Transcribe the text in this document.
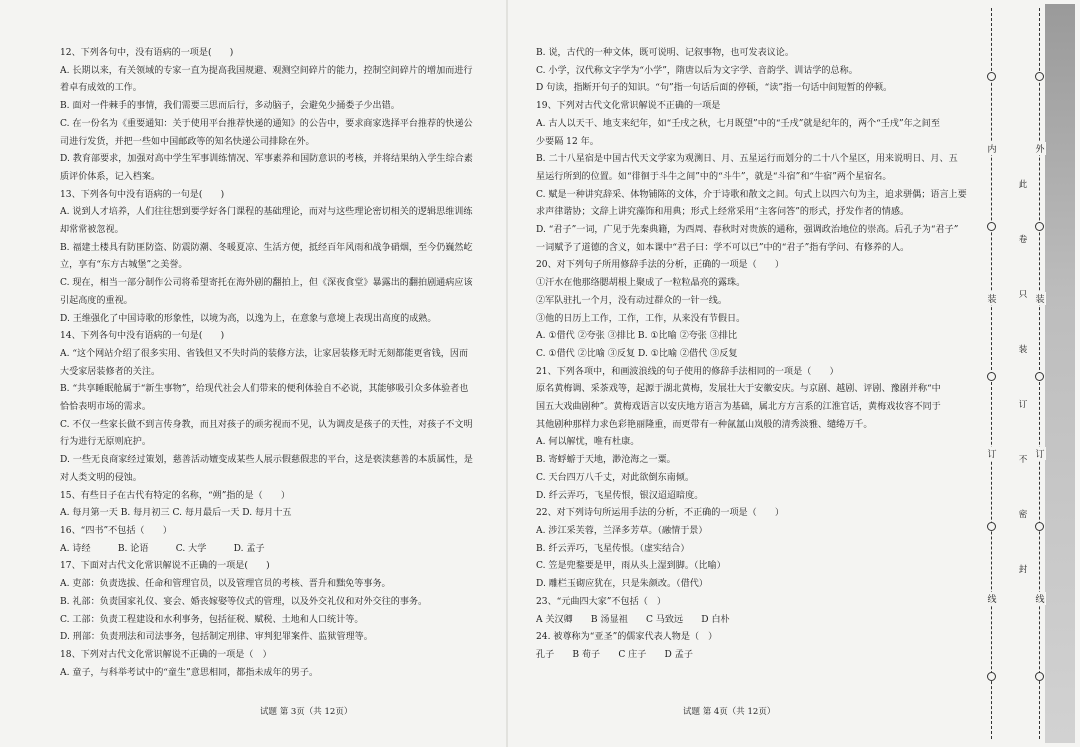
12、下列各句中，没有语病的一项是(　　)
A. 长期以来，有关领域的专家一直为提高我国规避、观测空间碎片的能力，控制空间碎片的增加而进行
着卓有成效的工作。
B. 面对一件棘手的事情，我们需要三思而后行，多动脑子，会避免少捅娄子少出错。
C. 在一份名为《重要通知：关于使用平台推荐快递的通知》的公告中，要求商家选择平台推荐的快递公
司进行发货，并把一些如中国邮政等的知名快递公司排除在外。
D. 教育部要求，加强对高中学生军事训练情况、军事素养和国防意识的考核，并将结果纳入学生综合素
质评价体系，记入档案。
13、下列各句中没有语病的一句是(　　)
A. 说到人才培养，人们往往想到要学好各门课程的基础理论，而对与这些理论密切相关的逻辑思维训练
却常常被忽视。
B. 福建土楼具有防匪防盗、防震防潮、冬暖夏凉、生活方便，抵经百年风雨和战争硝烟，至今仍巍然屹
立，享有“东方古城堡”之美誉。
C. 现在，相当一部分制作公司将希望寄托在海外剧的翻拍上，但《深夜食堂》暴露出的翻拍剧通病应该
引起高度的重视。
D. 王维强化了中国诗歌的形象性，以境为高，以逸为上，在意象与意境上表现出高度的成熟。
14、下列各句中没有语病的一句是(　　)
A. “这个网站介绍了很多实用、省钱但又不失时尚的装修方法，让家居装修无时无刻都能更省钱，因而
大受家居装修者的关注。
B. “共享睡眠舱属于“新生事物”，给现代社会人们带来的便利体验自不必说，其能够吸引众多体验者也
恰恰表明市场的需求。
C. 不仅一些家长做不到言传身教，而且对孩子的顽劣视而不见，认为调皮是孩子的天性，对孩子不文明
行为进行无原则庇护。
D. 一些无良商家经过策划，慈善活动嬗变成某些人展示假慈假悲的平台，这是亵渎慈善的本质属性，是
对人类文明的侵蚀。
15、有些日子在古代有特定的名称，“朔”指的是（　　）
A. 每月第一天 B. 每月初三 C. 每月最后一天 D. 每月十五
16、“四书”不包括（　　）
A. 诗经　　　B. 论语　　　C. 大学　　　D. 孟子
17、下面对古代文化常识解说不正确的一项是(　　)
A. 吏部：负责选拔、任命和管理官员，以及管理官员的考核、晋升和黜免等事务。
B. 礼部：负责国家礼仪、宴会、婚丧嫁娶等仪式的管理，以及外交礼仪和对外交往的事务。
C. 工部：负责工程建设和水利事务，包括征税、赋税、土地和人口统计等。
D. 刑部：负责刑法和司法事务，包括制定刑律、审判犯罪案件、监狱管理等。
18、下列对古代文化常识解说不正确的一项是（　）
A. 童子，与科举考试中的“童生”意思相同，都指未成年的男子。
试题 第 3页（共 12页）
B. 说，古代的一种文体，既可说明、记叙事物，也可发表议论。
C. 小学，汉代称文字学为“小学”，隋唐以后为文字学、音韵学、训诂学的总称。
D 句读，指断开句子的知识。“句”指一句话后面的停顿，“读”指一句话中间短暂的停顿。
19、下列对古代文化常识解说不正确的一项是
A. 古人以天干、地支来纪年，如“壬戌之秋，七月既望”中的“壬戌”就是纪年的，两个“壬戌”年之间至
少要隔 12 年。
B. 二十八星宿是中国古代天文学家为观测日、月、五星运行而划分的二十八个星区，用来说明日、月、五
星运行所到的位置。如“徘徊于斗牛之间”中的“斗牛”，就是“斗宿”和“牛宿”两个星宿名。
C. 赋是一种讲究辞采、体物铺陈的文体，介于诗歌和散文之间。句式上以四六句为主，追求骈偶；语言上要
求声律谐协；文辞上讲究藻饰和用典；形式上经常采用“主客问答”的形式，抒发作者的情感。
D. “君子”一词，广见于先秦典籍，为西周、春秋时对贵族的通称，强调政治地位的崇高。后孔子为“君子”
一词赋予了道德的含义，如本课中“君子曰：学不可以已”中的“君子”指有学问、有修养的人。
20、对下列句子所用修辞手法的分析，正确的一项是（　　）
①汗水在他那络腮胡根上聚成了一粒粒晶亮的露珠。
②军队驻扎一个月，没有动过群众的一针一线。
③他的日历上工作，工作，工作，从来没有节假日。
A. ①借代 ②夸张 ③排比 B. ①比喻 ②夸张 ③排比
C. ①借代 ②比喻 ③反复 D. ①比喻 ②借代 ③反复
21、下列各项中，和画波浪线的句子使用的修辞手法相同的一项是（　　）
原名黄梅调、采茶戏等，起源于湖北黄梅，发展壮大于安徽安庆。与京剧、越剧、评剧、豫剧并称“中
国五大戏曲剧种”。黄梅戏语言以安庆地方语言为基础，属北方方言系的江淮官话，黄梅戏妆容不同于
其他剧种那样力求色彩艳丽隆重，而更带有一种氤氲山岚般的清秀淡雅、缱绻万千。
A. 何以解忧，唯有杜康。
B. 寄蜉蝣于天地，渺沧海之一粟。
C. 天台四万八千丈，对此欲倒东南倾。
D. 纤云弄巧，飞星传恨，银汉迢迢暗度。
22、对下列诗句所运用手法的分析，不正确的一项是（　　）
A. 涉江采芙蓉，兰泽多芳草。（融情于景）
B. 纤云弄巧，飞星传恨。（虚实结合）
C. 笠是兜鍪要是甲，雨从头上湿到脚。（比喻）
D. 雕栏玉砌应犹在，只是朱颜改。（借代）
23、“元曲四大家”不包括（　）
A 关汉卿　　B 汤显祖　　C 马致远　　D 白朴
24. 被尊称为“亚圣”的儒家代表人物是（　）
孔子　　B 荀子　　C 庄子　　D 孟子
试题 第 4页（共 12页）
内
装
订
线
外
装
订
线
此
卷
只
装
订
不
密
封
